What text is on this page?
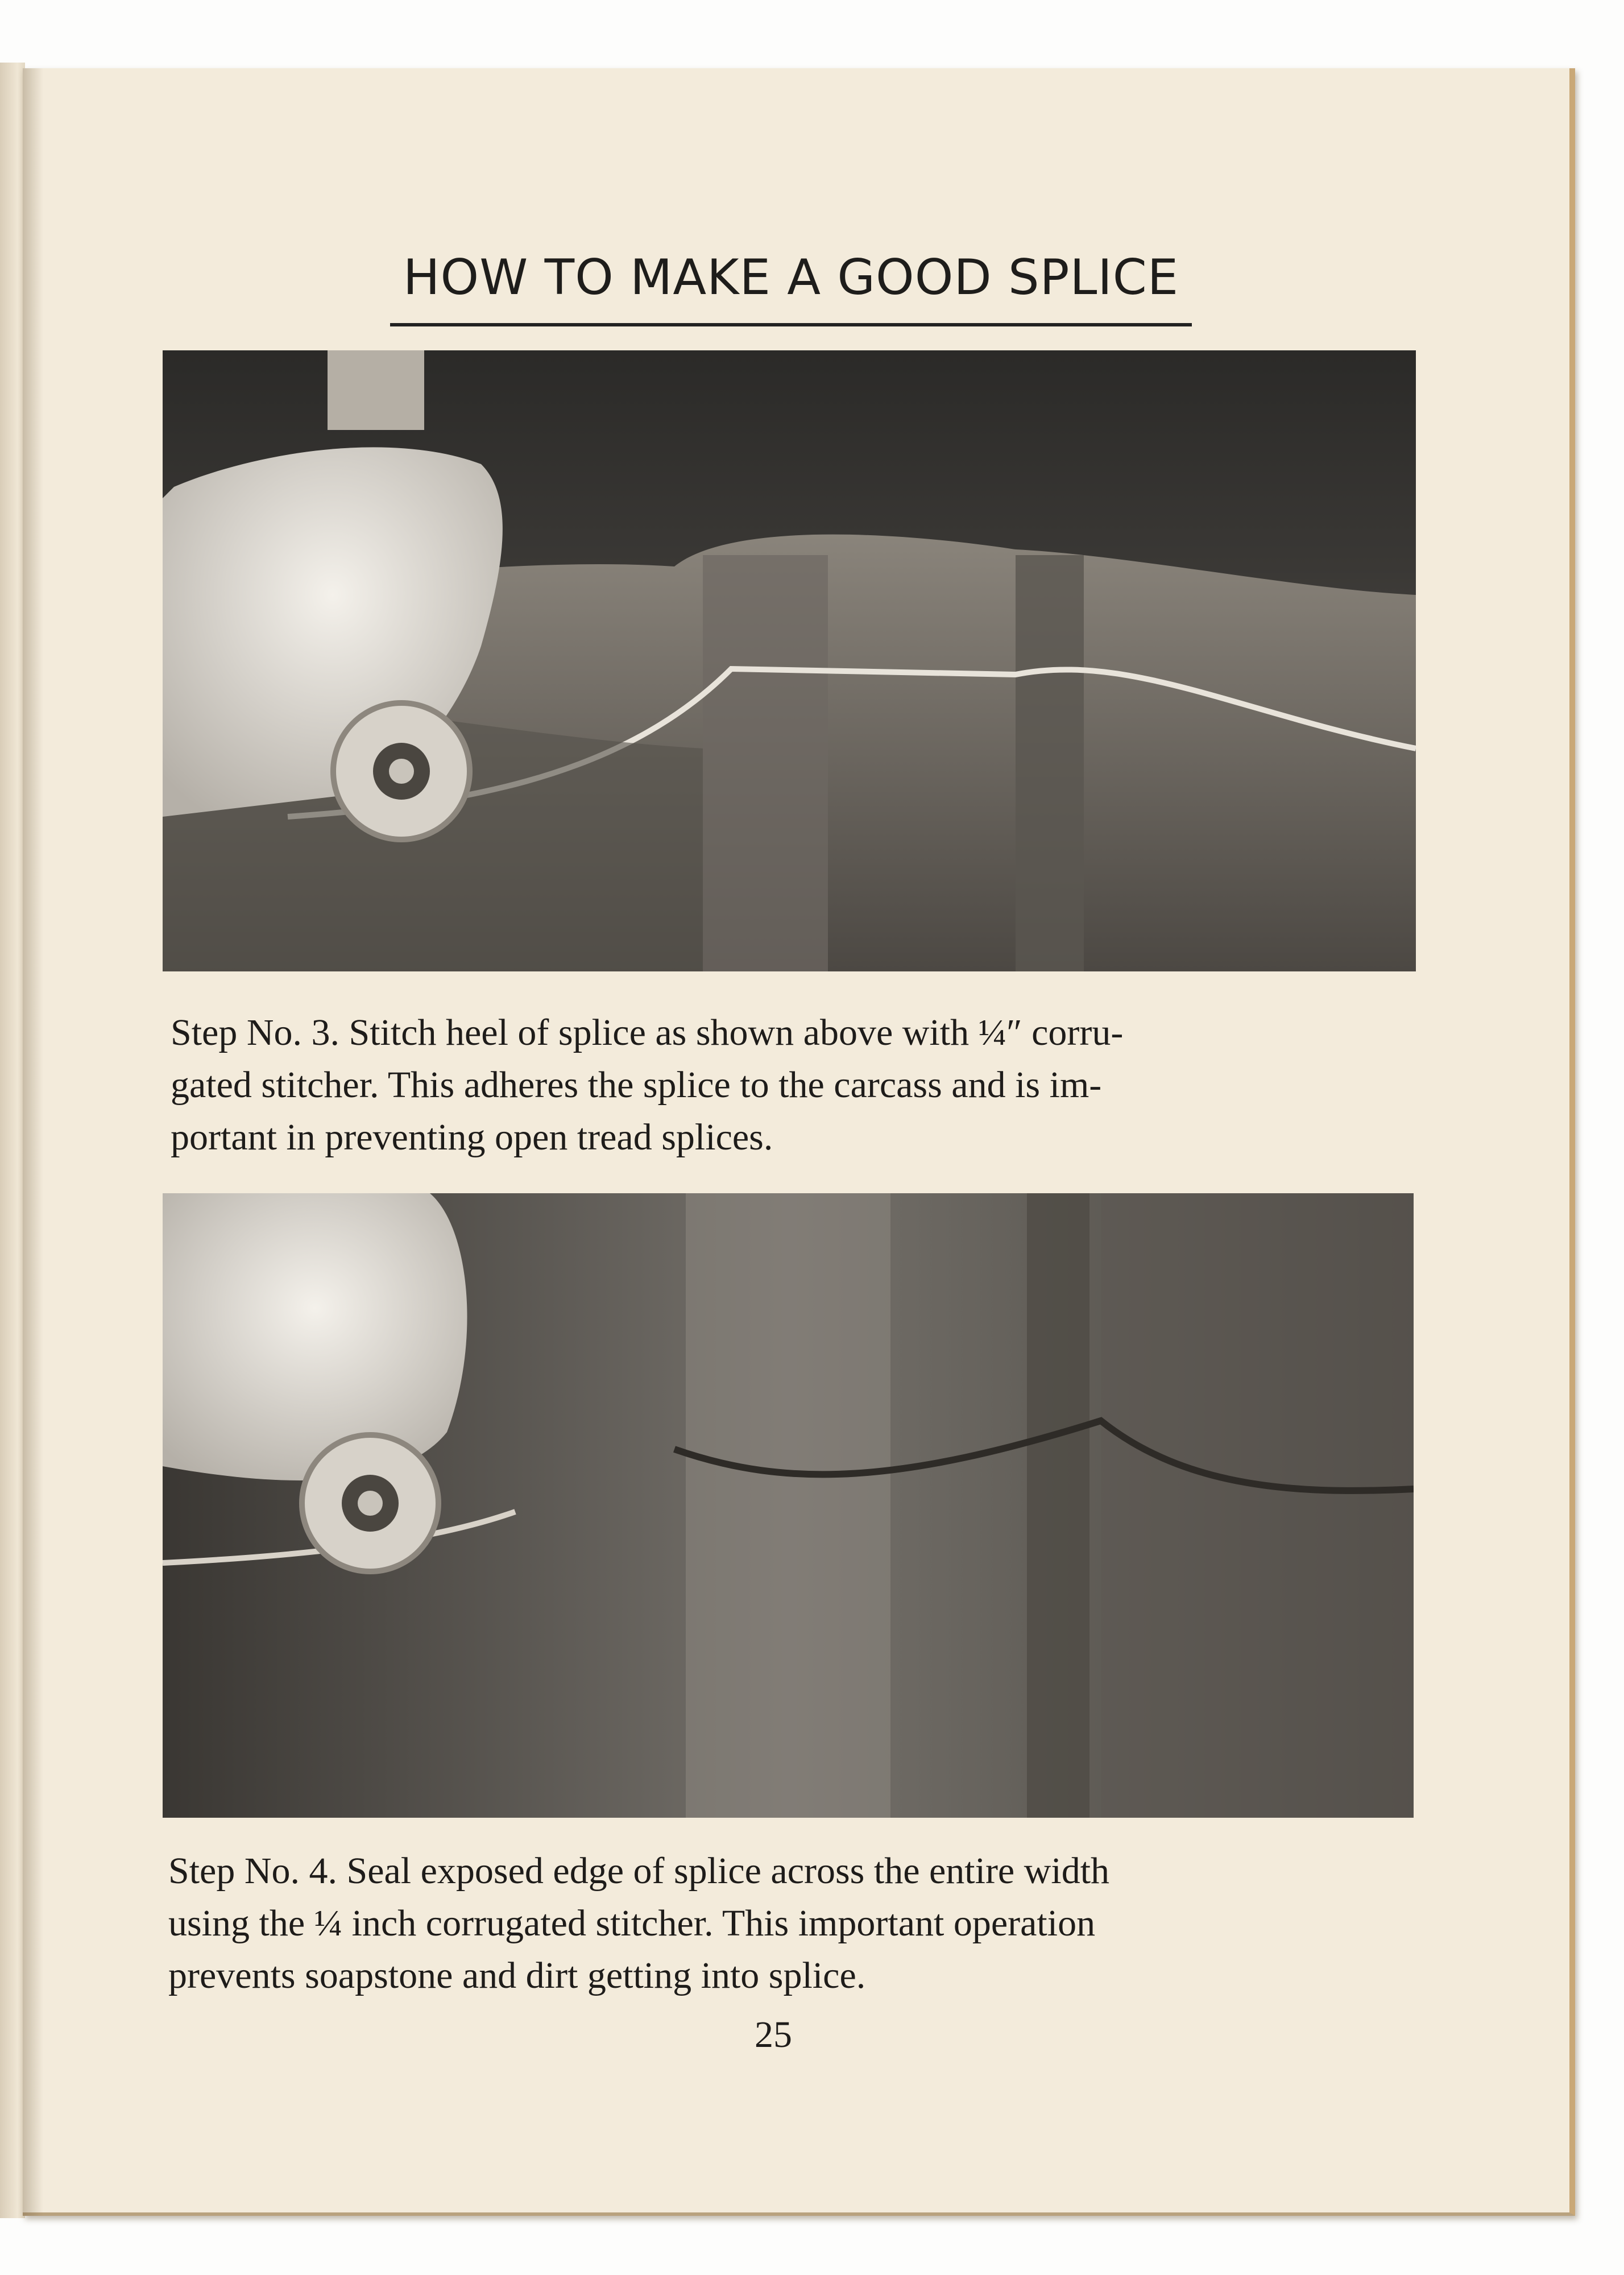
HOW TO MAKE A GOOD SPLICE

Step No. 3. Stitch heel of splice as shown above with ¼″ corru-

gated stitcher. This adheres the splice to the carcass and is im-

portant in preventing open tread splices.

Step No. 4. Seal exposed edge of splice across the entire width

using the ¼ inch corrugated stitcher. This important operation

prevents soapstone and dirt getting into splice.

25
